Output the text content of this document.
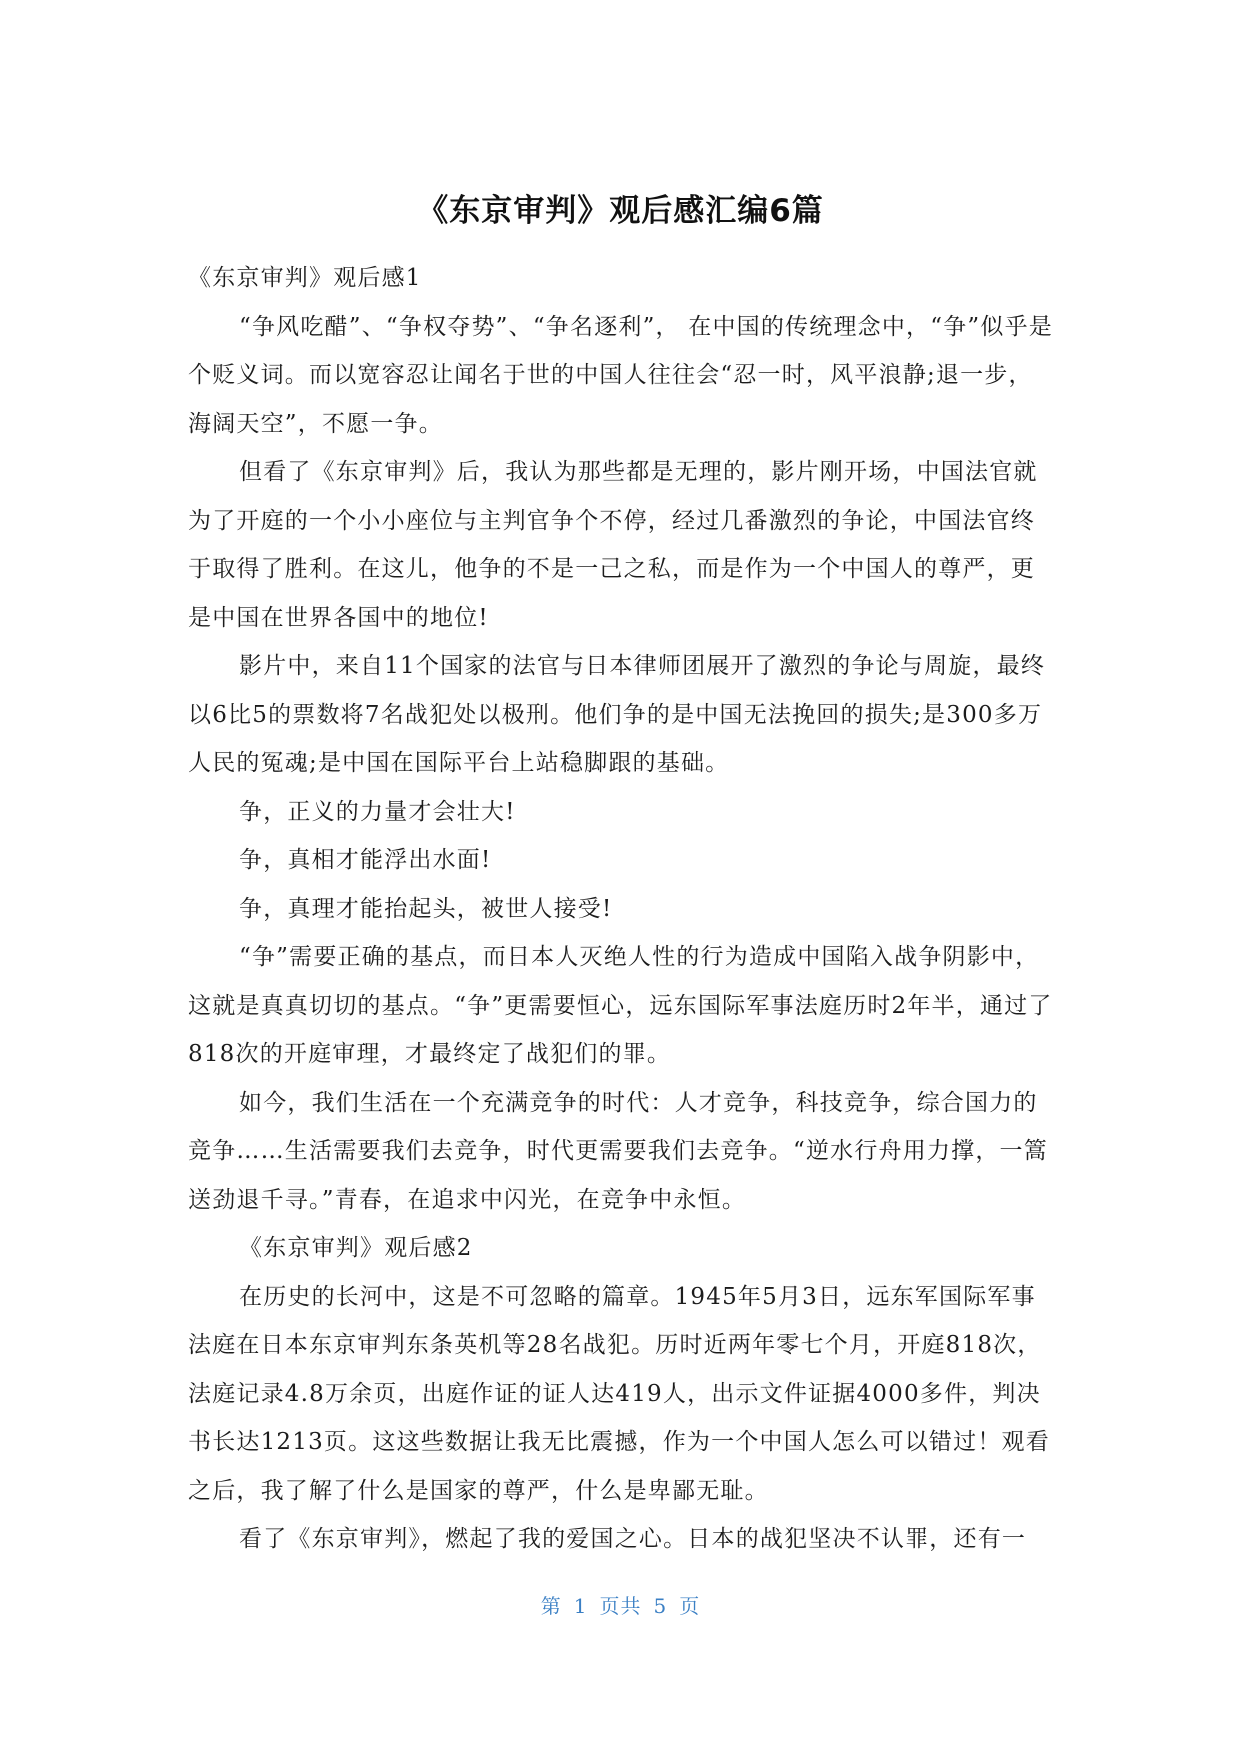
《东京审判》观后感汇编6篇

《东京审判》观后感1

“争风吃醋”、“争权夺势”、“争名逐利”， 在中国的传统理念中，“争”似乎是个贬义词。而以宽容忍让闻名于世的中国人往往会“忍一时，风平浪静;退一步，海阔天空”，不愿一争。

但看了《东京审判》后，我认为那些都是无理的，影片刚开场，中国法官就为了开庭的一个小小座位与主判官争个不停，经过几番激烈的争论，中国法官终于取得了胜利。在这儿，他争的不是一己之私，而是作为一个中国人的尊严，更是中国在世界各国中的地位!

影片中，来自11个国家的法官与日本律师团展开了激烈的争论与周旋，最终以6比5的票数将7名战犯处以极刑。他们争的是中国无法挽回的损失;是300多万人民的冤魂;是中国在国际平台上站稳脚跟的基础。

争，正义的力量才会壮大!

争，真相才能浮出水面!

争，真理才能抬起头，被世人接受!

“争”需要正确的基点，而日本人灭绝人性的行为造成中国陷入战争阴影中，这就是真真切切的基点。“争”更需要恒心，远东国际军事法庭历时2年半，通过了818次的开庭审理，才最终定了战犯们的罪。

如今，我们生活在一个充满竞争的时代：人才竞争，科技竞争，综合国力的竞争……生活需要我们去竞争，时代更需要我们去竞争。“逆水行舟用力撑，一篙送劲退千寻。”青春，在追求中闪光，在竞争中永恒。

《东京审判》观后感2

在历史的长河中，这是不可忽略的篇章。1945年5月3日，远东军国际军事法庭在日本东京审判东条英机等28名战犯。历时近两年零七个月，开庭818次，法庭记录4.8万余页，出庭作证的证人达419人，出示文件证据4000多件，判决书长达1213页。这这些数据让我无比震撼，作为一个中国人怎么可以错过！观看之后，我了解了什么是国家的尊严，什么是卑鄙无耻。

看了《东京审判》，燃起了我的爱国之心。日本的战犯坚决不认罪，还有一

第 1 页共 5 页
